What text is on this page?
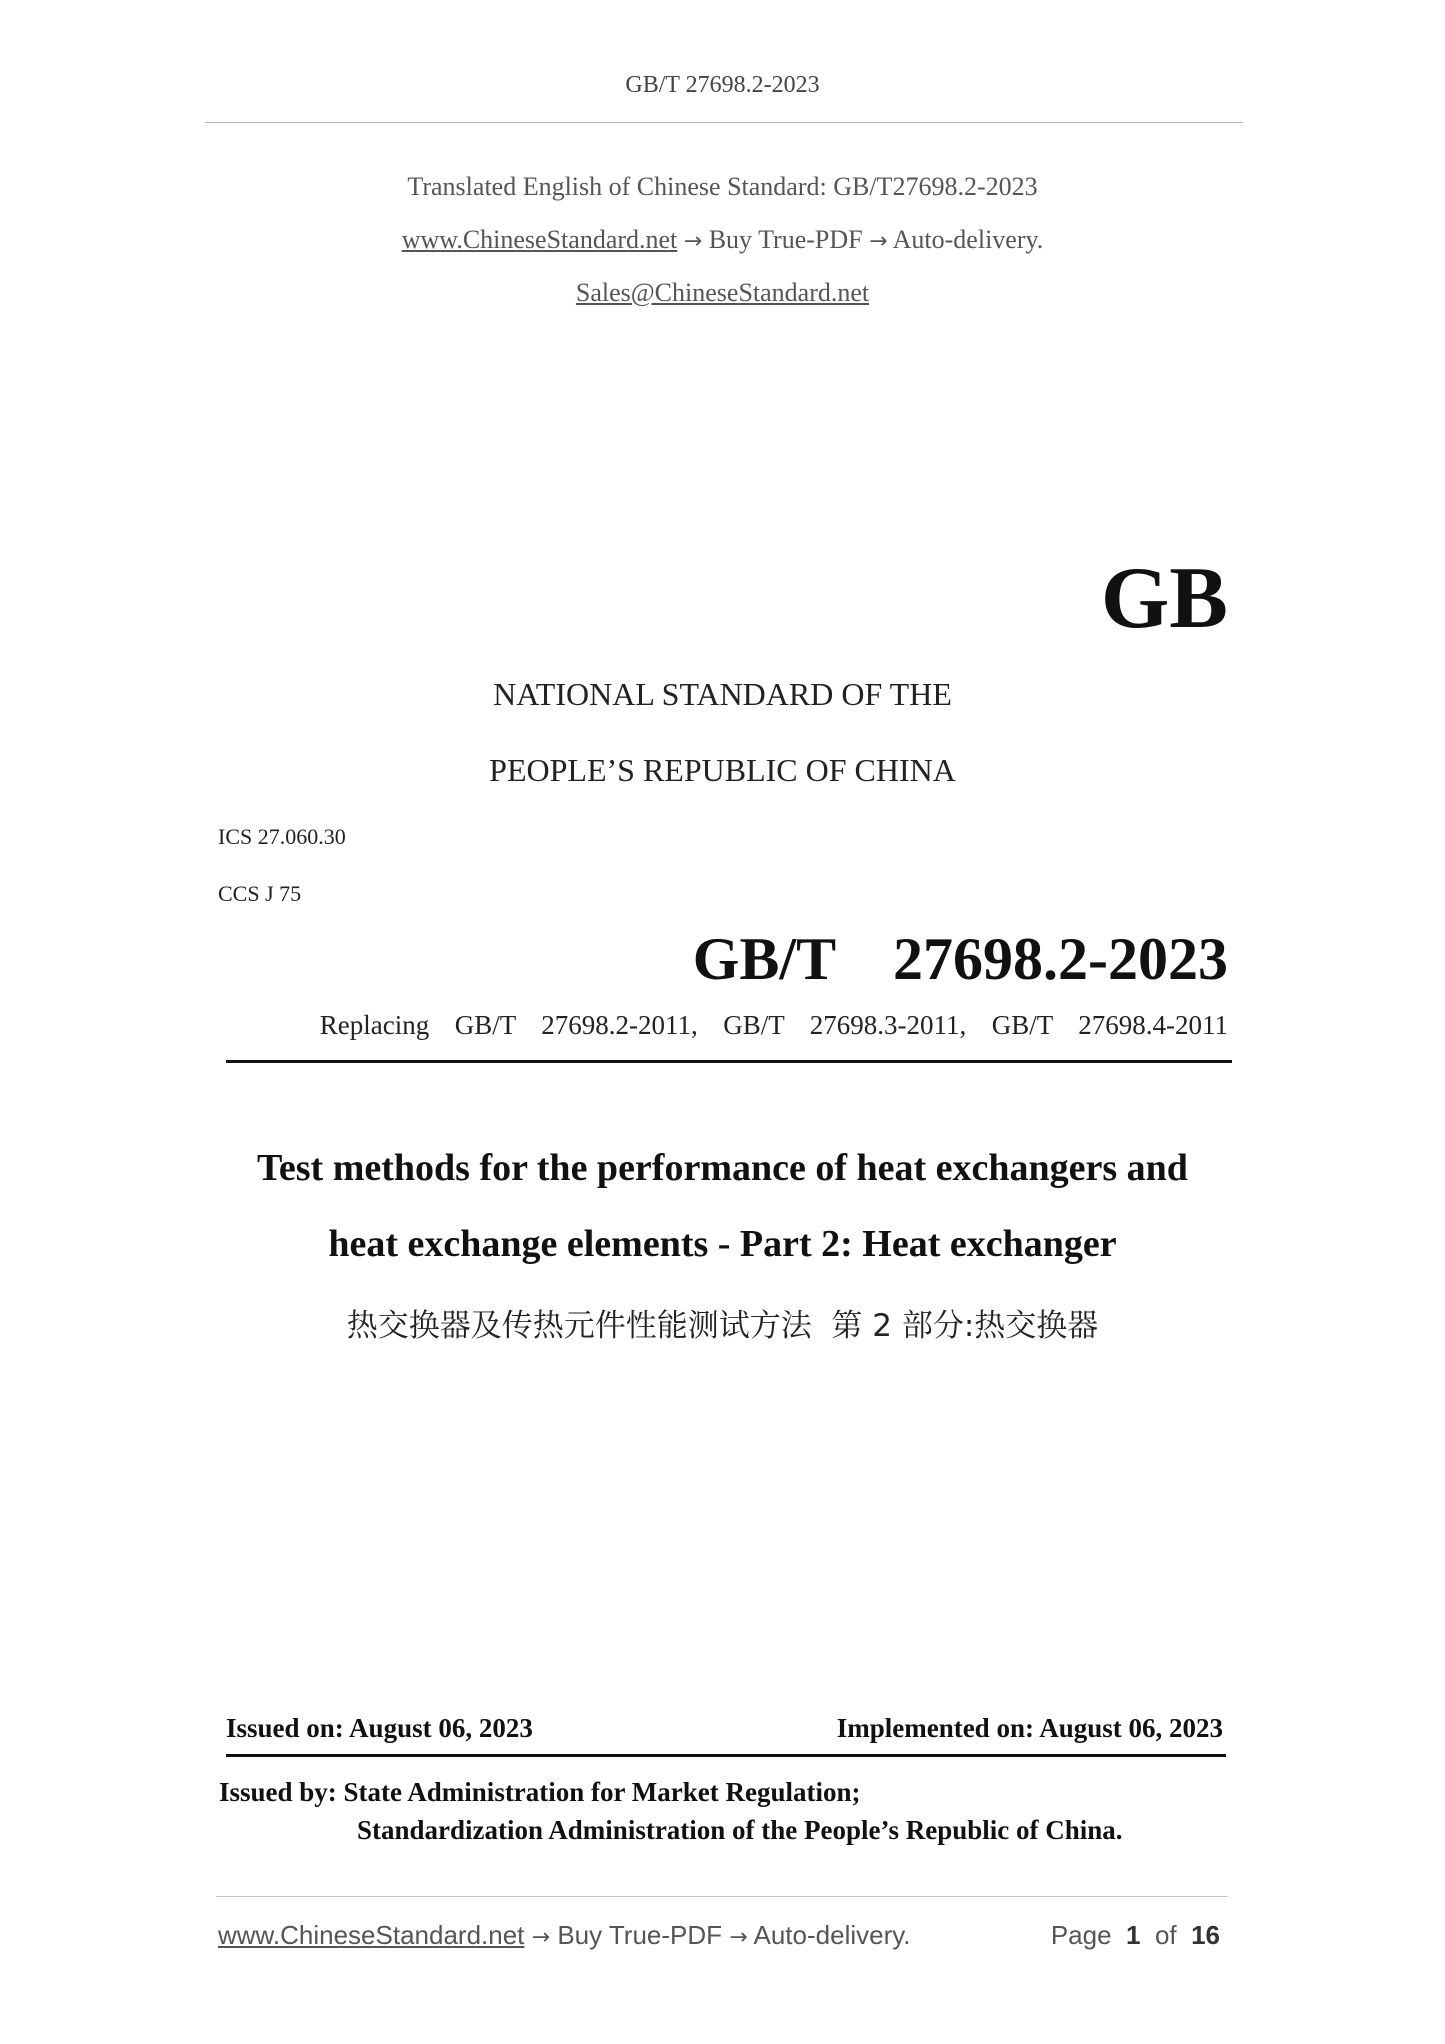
GB/T 27698.2-2023
Translated English of Chinese Standard: GB/T27698.2-2023
www.ChineseStandard.net → Buy True-PDF → Auto-delivery.
Sales@ChineseStandard.net
GB
NATIONAL STANDARD OF THE
PEOPLE’S REPUBLIC OF CHINA
ICS 27.060.30
CCS J 75
GB/T  27698.2-2023
Replacing  GB/T  27698.2-2011,  GB/T  27698.3-2011,  GB/T  27698.4-2011
Test methods for the performance of heat exchangers and
heat exchange elements - Part 2: Heat exchanger
热交换器及传热元件性能测试方法  第 2 部分:热交换器
Issued on: August 06, 2023	Implemented on: August 06, 2023
Issued by: State Administration for Market Regulation;
Standardization Administration of the People’s Republic of China.
www.ChineseStandard.net → Buy True-PDF → Auto-delivery.	Page 1 of 16
